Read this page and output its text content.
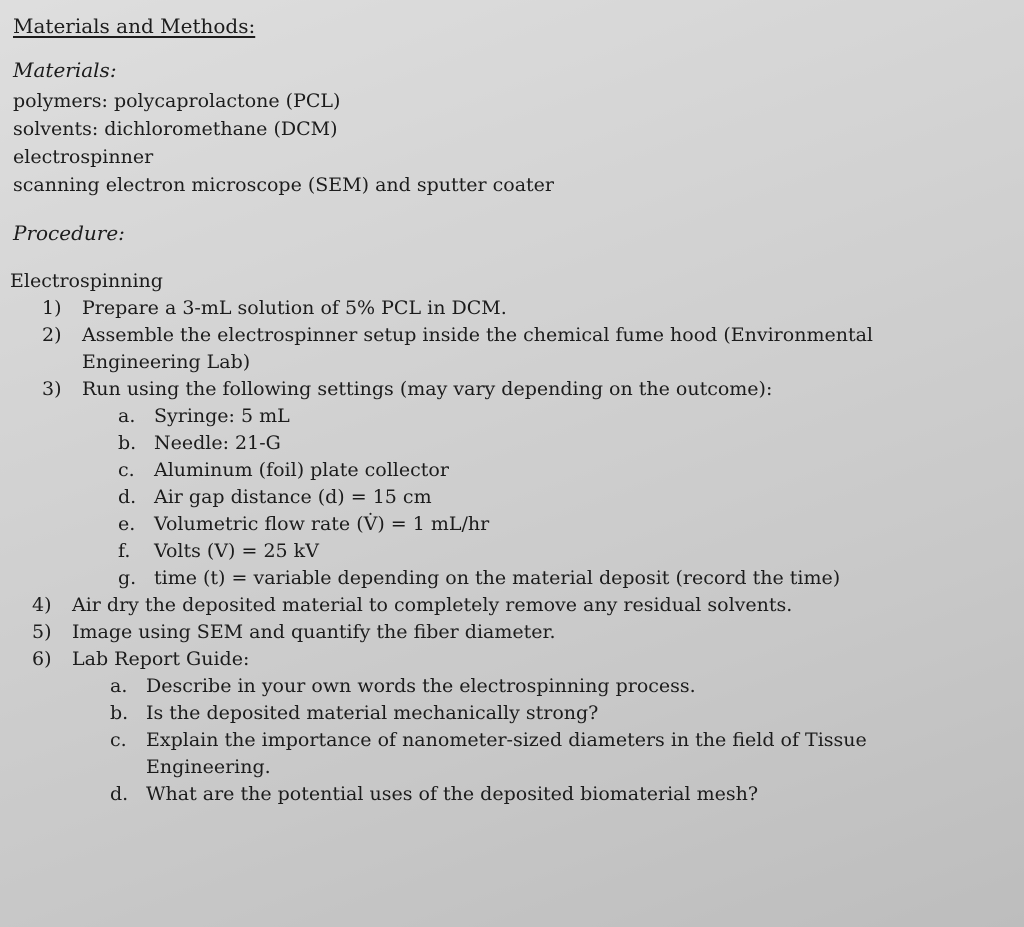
Materials and Methods:
Materials:

polymers: polycaprolactone (PCL)

solvents: dichloromethane (DCM)

electrospinner

scanning electron microscope (SEM) and sputter coater

Procedure:
Electrospinning
1)	Prepare a 3-mL solution of 5% PCL in DCM.
2)	Assemble the electrospinner setup inside the chemical fume hood (Environmental Engineering Lab)
3)	Run using the following settings (may vary depending on the outcome):
a. Syringe: 5 mL
b. Needle: 21-G
c.	Aluminum (foil) plate collector
d. Air gap distance (d) = 15 cm
e. Volumetric flow rate (V̇) = 1 mL/hr
f.	Volts (V) = 25 kV
g. time (t) = variable depending on the material deposit (record the time)
4)	Air dry the deposited material to completely remove any residual solvents.
5)	Image using SEM and quantify the fiber diameter.
6)	Lab Report Guide:
a. Describe in your own words the electrospinning process.
b. Is the deposited material mechanically strong?
c.	Explain the importance of nanometer-sized diameters in the field of Tissue Engineering.
d. What are the potential uses of the deposited biomaterial mesh?
